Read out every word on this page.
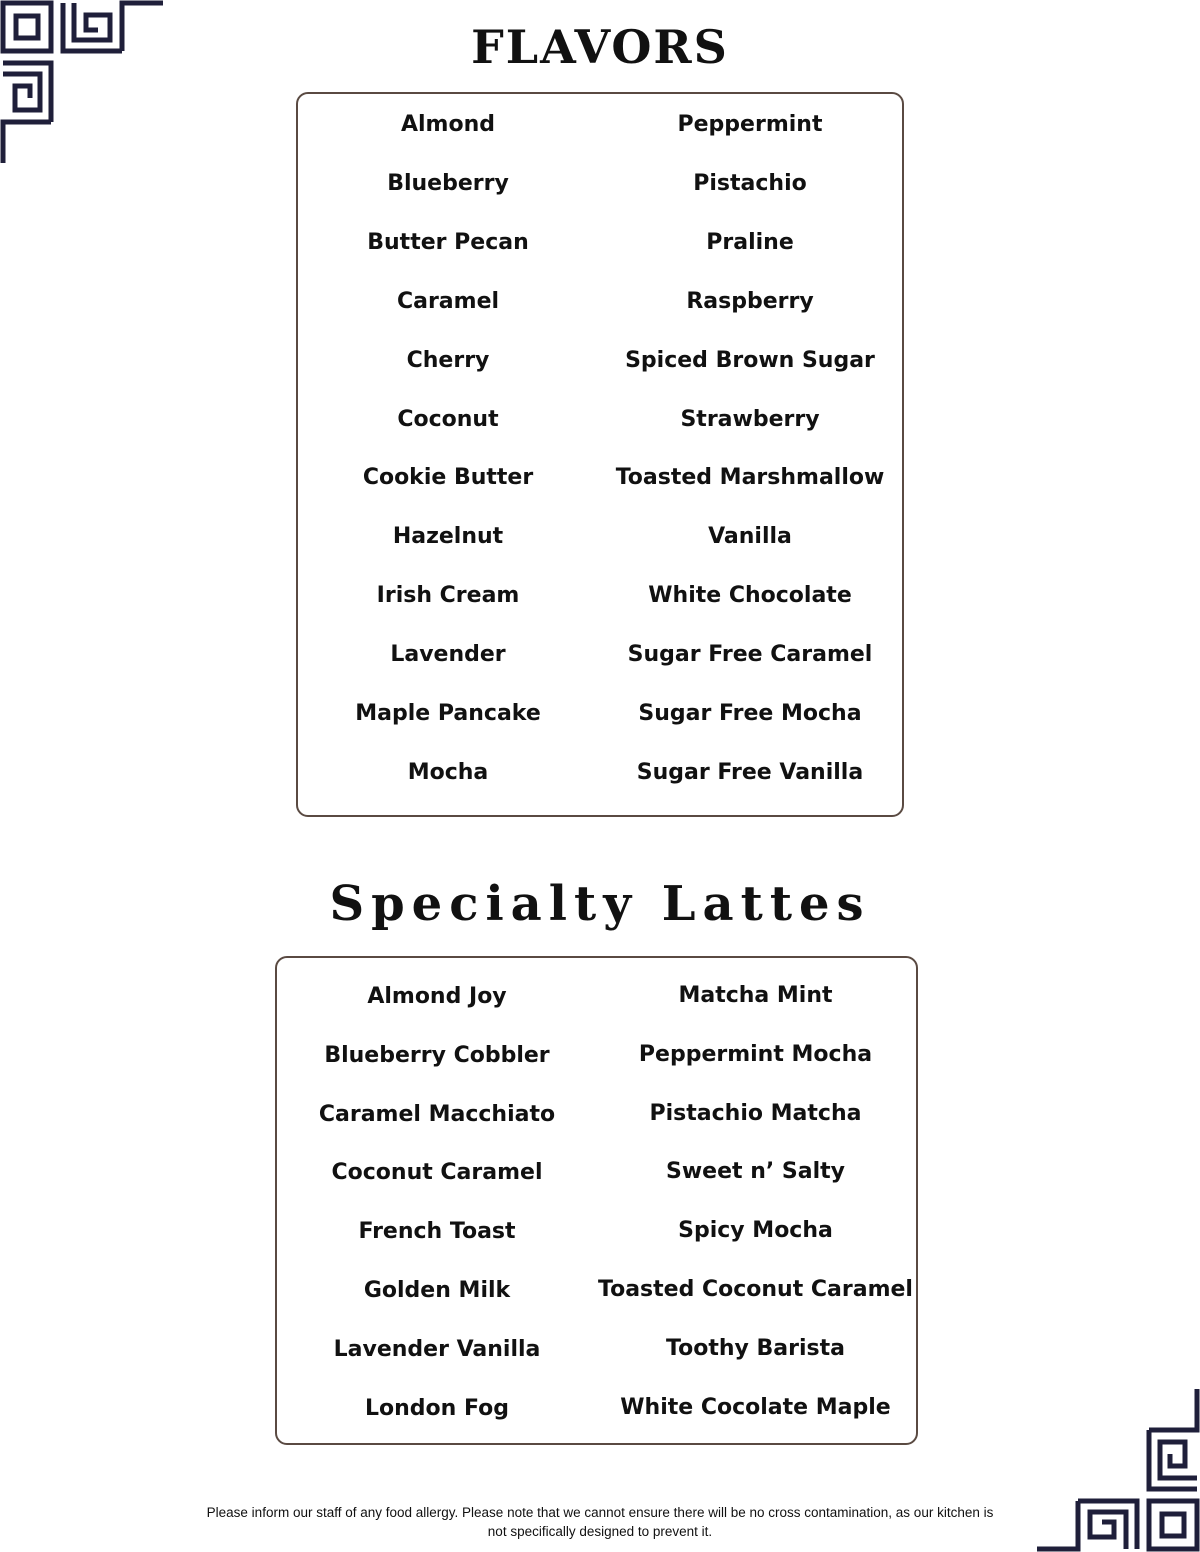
FLAVORS
Almond
Blueberry
Butter Pecan
Caramel
Cherry
Coconut
Cookie Butter
Hazelnut
Irish Cream
Lavender
Maple Pancake
Mocha
Peppermint
Pistachio
Praline
Raspberry
Spiced Brown Sugar
Strawberry
Toasted Marshmallow
Vanilla
White Chocolate
Sugar Free Caramel
Sugar Free Mocha
Sugar Free Vanilla
Specialty Lattes
Almond Joy
Blueberry Cobbler
Caramel Macchiato
Coconut Caramel
French Toast
Golden Milk
Lavender Vanilla
London Fog
Matcha Mint
Peppermint Mocha
Pistachio Matcha
Sweet n’ Salty
Spicy Mocha
Toasted Coconut Caramel
Toothy Barista
White Cocolate Maple
Please inform our staff of any food allergy. Please note that we cannot ensure there will be no cross contamination, as our kitchen is
not specifically designed to prevent it.
